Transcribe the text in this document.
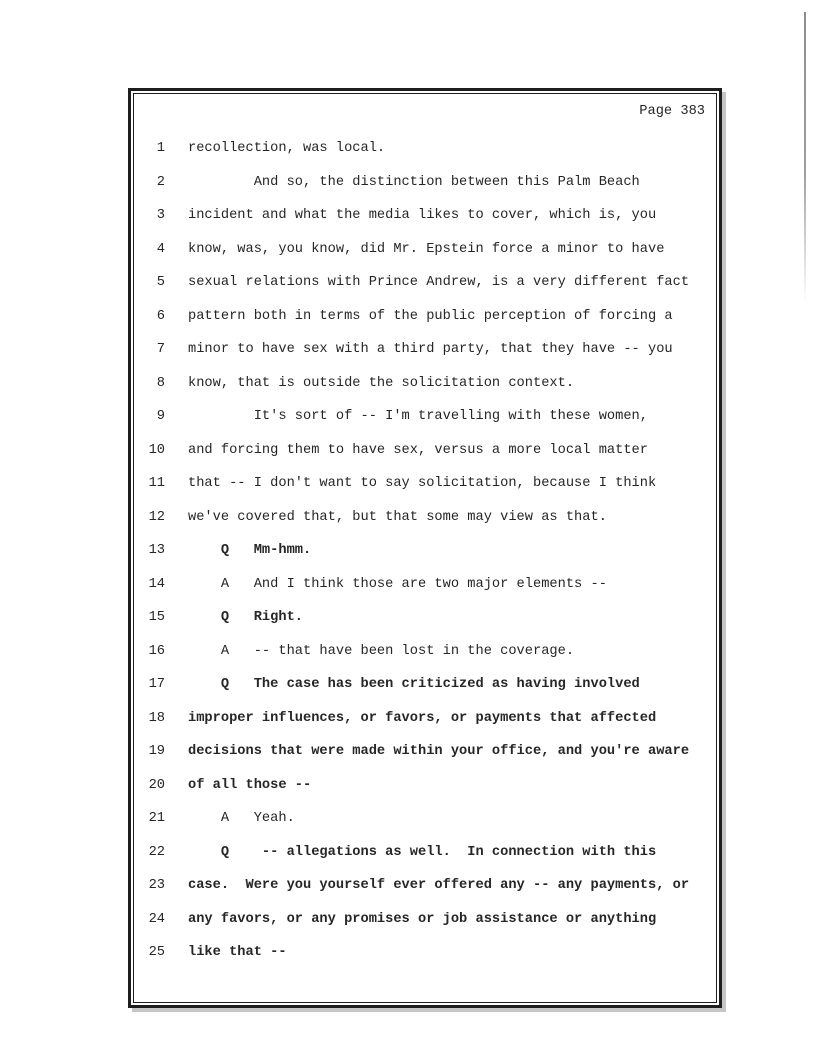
Page 383
1 recollection, was local.
2 And so, the distinction between this Palm Beach
3 incident and what the media likes to cover, which is, you
4 know, was, you know, did Mr. Epstein force a minor to have
5 sexual relations with Prince Andrew, is a very different fact
6 pattern both in terms of the public perception of forcing a
7 minor to have sex with a third party, that they have -- you
8 know, that is outside the solicitation context.
9 It's sort of -- I'm travelling with these women,
10 and forcing them to have sex, versus a more local matter
11 that -- I don't want to say solicitation, because I think
12 we've covered that, but that some may view as that.
13 Q   Mm-hmm.
14 A   And I think those are two major elements --
15 Q   Right.
16 A   -- that have been lost in the coverage.
17 Q   The case has been criticized as having involved
18 improper influences, or favors, or payments that affected
19 decisions that were made within your office, and you're aware
20 of all those --
21 A   Yeah.
22 Q    -- allegations as well.  In connection with this
23 case.  Were you yourself ever offered any -- any payments, or
24 any favors, or any promises or job assistance or anything
25 like that --
